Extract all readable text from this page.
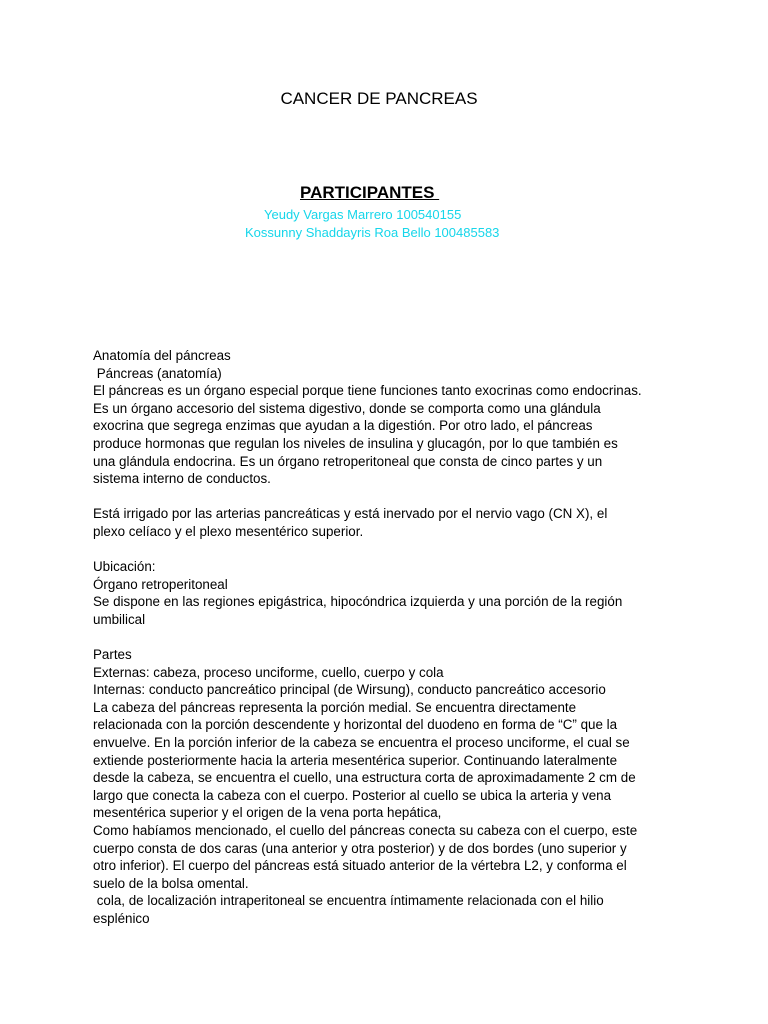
CANCER DE PANCREAS
PARTICIPANTES
Yeudy Vargas Marrero 100540155
Kossunny Shaddayris Roa Bello 100485583
Anatomía del páncreas
Páncreas (anatomía)
El páncreas es un órgano especial porque tiene funciones tanto exocrinas como endocrinas.
Es un órgano accesorio del sistema digestivo, donde se comporta como una glándula
exocrina que segrega enzimas que ayudan a la digestión. Por otro lado, el páncreas
produce hormonas que regulan los niveles de insulina y glucagón, por lo que también es
una glándula endocrina. Es un órgano retroperitoneal que consta de cinco partes y un
sistema interno de conductos.
Está irrigado por las arterias pancreáticas y está inervado por el nervio vago (CN X), el
plexo celíaco y el plexo mesentérico superior.
Ubicación:
Órgano retroperitoneal
Se dispone en las regiones epigástrica, hipocóndrica izquierda y una porción de la región
umbilical
Partes
Externas: cabeza, proceso unciforme, cuello, cuerpo y cola
Internas: conducto pancreático principal (de Wirsung), conducto pancreático accesorio
La cabeza del páncreas representa la porción medial. Se encuentra directamente
relacionada con la porción descendente y horizontal del duodeno en forma de “C” que la
envuelve. En la porción inferior de la cabeza se encuentra el proceso unciforme, el cual se
extiende posteriormente hacia la arteria mesentérica superior. Continuando lateralmente
desde la cabeza, se encuentra el cuello, una estructura corta de aproximadamente 2 cm de
largo que conecta la cabeza con el cuerpo. Posterior al cuello se ubica la arteria y vena
mesentérica superior y el origen de la vena porta hepática,
Como habíamos mencionado, el cuello del páncreas conecta su cabeza con el cuerpo, este
cuerpo consta de dos caras (una anterior y otra posterior) y de dos bordes (uno superior y
otro inferior). El cuerpo del páncreas está situado anterior de la vértebra L2, y conforma el
suelo de la bolsa omental.
cola, de localización intraperitoneal se encuentra íntimamente relacionada con el hilio
esplénico
